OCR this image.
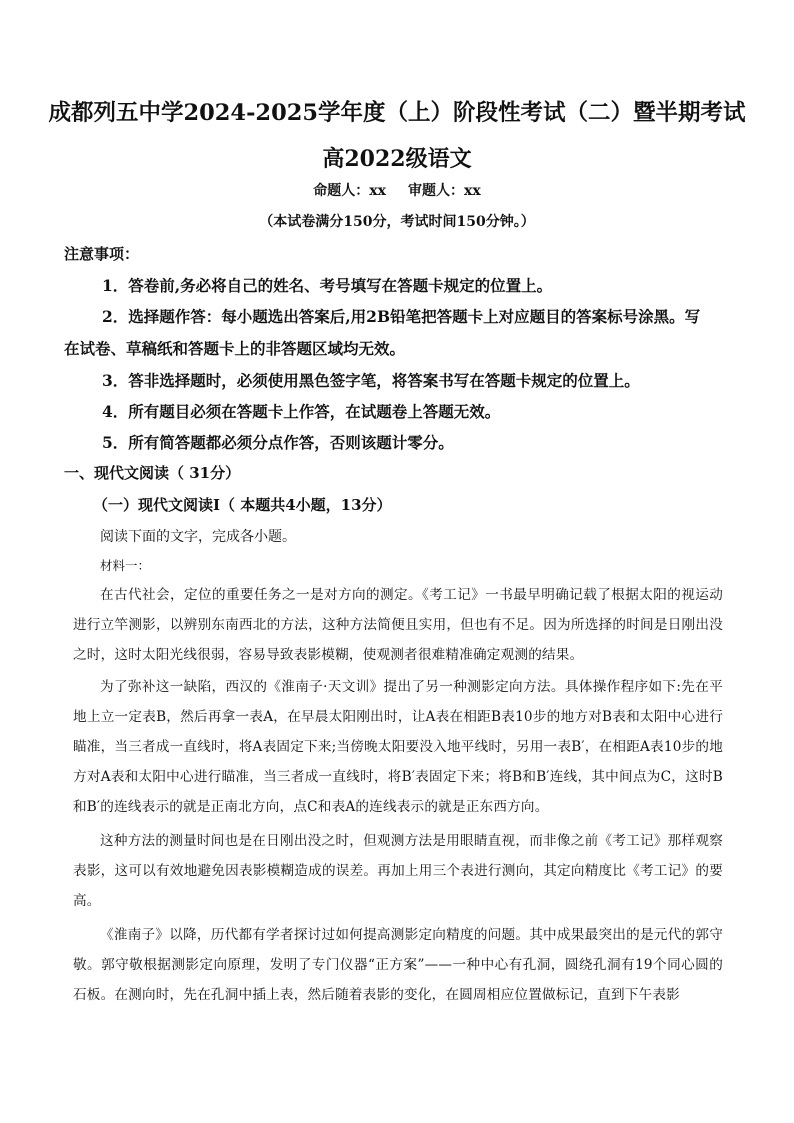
成都列五中学2024-2025学年度（上）阶段性考试（二）暨半期考试
高2022级语文
命题人：xx 审题人：xx
（本试卷满分150分，考试时间150分钟。）
注意事项：
1．答卷前,务必将自己的姓名、考号填写在答题卡规定的位置上。
2．选择题作答：每小题选出答案后,用2B铅笔把答题卡上对应题目的答案标号涂黑。写
在试卷、草稿纸和答题卡上的非答题区域均无效。
3．答非选择题时，必须使用黑色签字笔，将答案书写在答题卡规定的位置上。
4．所有题目必须在答题卡上作答，在试题卷上答题无效。
5．所有简答题都必须分点作答，否则该题计零分。
一、现代文阅读（ 31分）
（一）现代文阅读Ⅰ（ 本题共4小题，13分）
阅读下面的文字，完成各小题。
材料一：

在古代社会，定位的重要任务之一是对方向的测定。《考工记》一书最早明确记载了根据太阳的视运动进行立竿测影，以辨别东南西北的方法，这种方法简便且实用，但也有不足。因为所选择的时间是日刚出没之时，这时太阳光线很弱，容易导致表影模糊，使观测者很难精准确定观测的结果。

为了弥补这一缺陷，西汉的《淮南子·天文训》提出了另一种测影定向方法。具体操作程序如下:先在平地上立一定表B，然后再拿一表A，在早晨太阳刚出时，让A表在相距B表10步的地方对B表和太阳中心进行瞄准，当三者成一直线时，将A表固定下来;当傍晚太阳要没入地平线时，另用一表B′，在相距A表10步的地方对A表和太阳中心进行瞄准，当三者成一直线时，将B′表固定下来；将B和B′连线，其中间点为C，这时B和B′的连线表示的就是正南北方向，点C和表A的连线表示的就是正东西方向。

这种方法的测量时间也是在日刚出没之时，但观测方法是用眼睛直视，而非像之前《考工记》那样观察表影，这可以有效地避免因表影模糊造成的误差。再加上用三个表进行测向，其定向精度比《考工记》的要高。

《淮南子》以降，历代都有学者探讨过如何提高测影定向精度的问题。其中成果最突出的是元代的郭守敬。郭守敬根据测影定向原理，发明了专门仪器“正方案”——一种中心有孔洞，圆绕孔洞有19个同心圆的石板。在测向时，先在孔洞中插上表，然后随着表影的变化，在圆周相应位置做标记，直到下午表影
